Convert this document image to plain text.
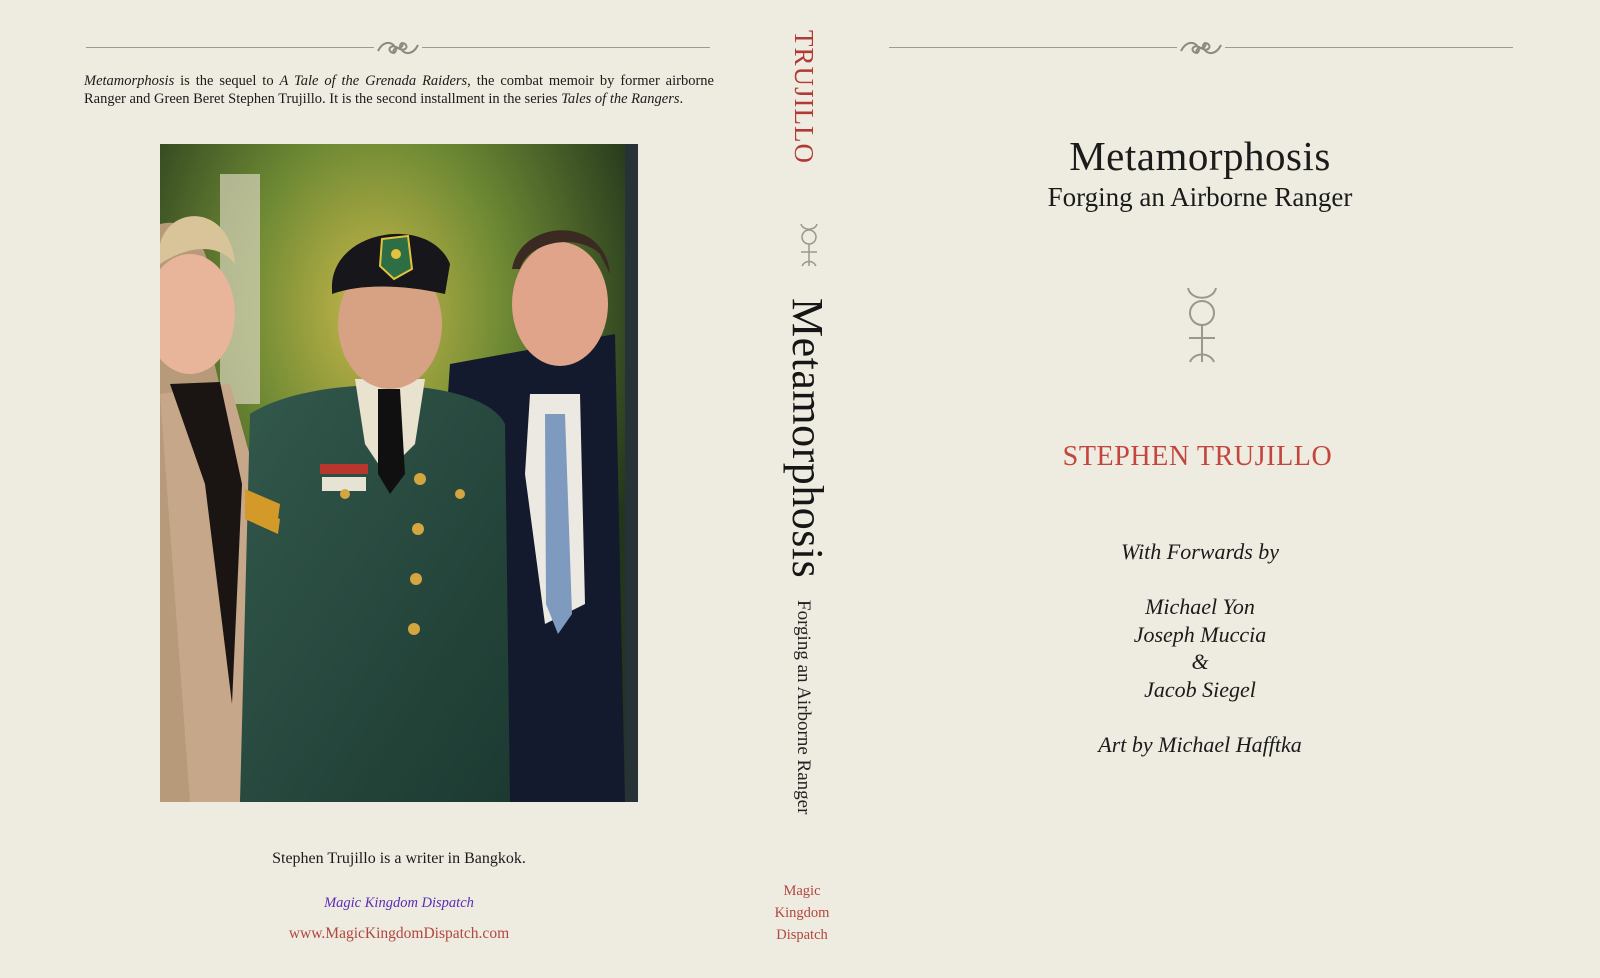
Metamorphosis is the sequel to A Tale of the Grenada Raiders, the combat memoir by former airborne Ranger and Green Beret Stephen Trujillo. It is the second installment in the series Tales of the Rangers.

Stephen Trujillo is a writer in Bangkok.
Magic Kingdom Dispatch
www.MagicKingdomDispatch.com
TRUJILLO
Metamorphosis
Forging an Airborne Ranger
Magic
Kingdom
Dispatch
Metamorphosis
Forging an Airborne Ranger
STEPHEN TRUJILLO
With Forwards by
Michael Yon
Joseph Muccia
&
Jacob Siegel
Art by Michael Hafftka
